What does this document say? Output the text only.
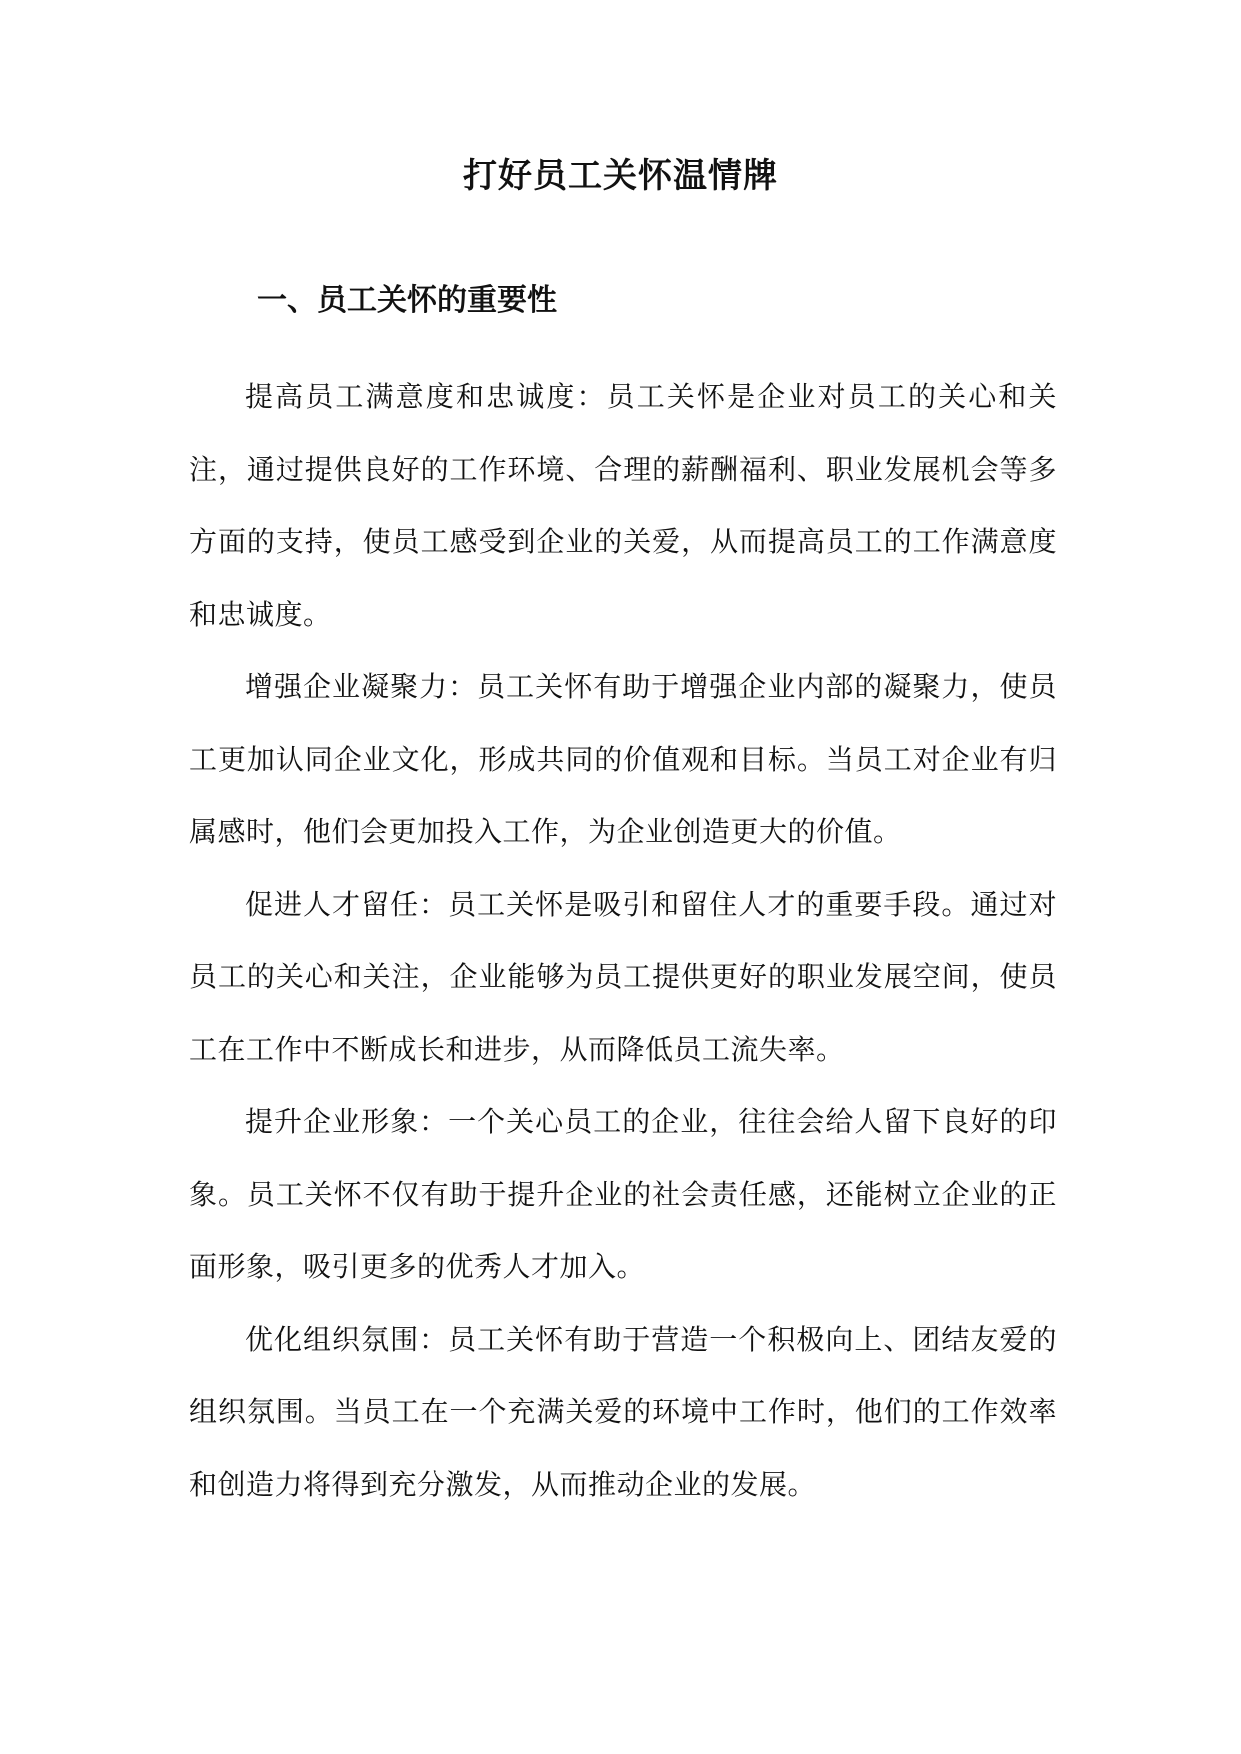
打好员工关怀温情牌
一、员工关怀的重要性

提高员工满意度和忠诚度：员工关怀是企业对员工的关心和关注，通过提供良好的工作环境、合理的薪酬福利、职业发展机会等多方面的支持，使员工感受到企业的关爱，从而提高员工的工作满意度和忠诚度。

增强企业凝聚力：员工关怀有助于增强企业内部的凝聚力，使员工更加认同企业文化，形成共同的价值观和目标。当员工对企业有归属感时，他们会更加投入工作，为企业创造更大的价值。

促进人才留任：员工关怀是吸引和留住人才的重要手段。通过对员工的关心和关注，企业能够为员工提供更好的职业发展空间，使员工在工作中不断成长和进步，从而降低员工流失率。

提升企业形象：一个关心员工的企业，往往会给人留下良好的印象。员工关怀不仅有助于提升企业的社会责任感，还能树立企业的正面形象，吸引更多的优秀人才加入。

优化组织氛围：员工关怀有助于营造一个积极向上、团结友爱的组织氛围。当员工在一个充满关爱的环境中工作时，他们的工作效率和创造力将得到充分激发，从而推动企业的发展。
